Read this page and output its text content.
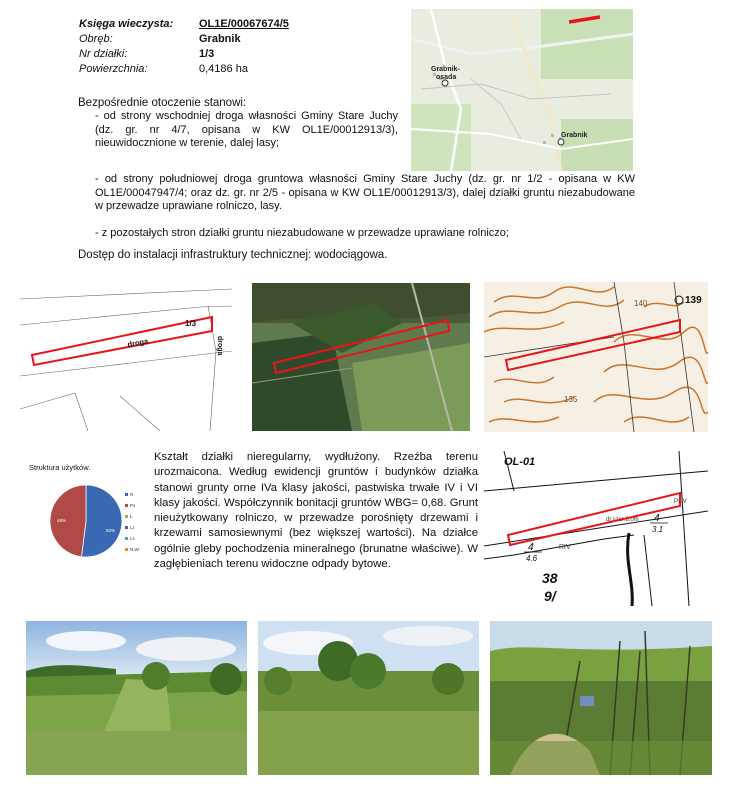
Księga wieczysta: OL1E/00067674/5
Obręb:	Grabnik
Nr działki:	1/3
Powierzchnia:	0,4186 ha	Grabnik-
osada
Grabnik
Bezpośrednie otoczenie stanowi:
- od strony wschodniej droga własności Gminy Stare Juchy (dz. gr. nr 4/7, opisana w KW OL1E/00012913/3), nieuwidocznione w terenie, dalej lasy;
- od strony południowej droga gruntowa własności Gminy Stare Juchy (dz. gr. nr 1/2 - opisana w KW OL1E/00047947/4; oraz dz. gr. nr 2/5 - opisana w KW OL1E/00012913/3), dalej działki gruntu niezabudowane w przewadze uprawiane rolniczo, lasy.
- z pozostałych stron działki gruntu niezabudowane w przewadze uprawiane rolniczo;
Dostęp do instalacji infrastruktury technicznej: wodociągowa.
1/3
droga	droga
139
140
135
Struktura użytków.
48%
52%
R
Ps
Ł
Lz
Ls
N,W-
Kształt działki nieregularny, wydłużony. Rzeźba terenu urozmaicona. Według ewidencji gruntów i budynków działka stanowi grunty orne IVa klasy jakości, pastwiska trwałe IV i VI klasy jakości. Współczynnik bonitacji gruntów WBG= 0,68. Grunt nieużytkowany rolniczo, w przewadze porośnięty drzewami i krzewami samosiewnymi (bez większej wartości). Na działce ogólnie gleby pochodzenia mineralnego (brunatne właściwe). W zagłębieniach terenu widoczne odpady bytowe.
OL-01
RIV
PsIV
dr.szer.6.0m 4
3.1
4
4.6
38
9/
